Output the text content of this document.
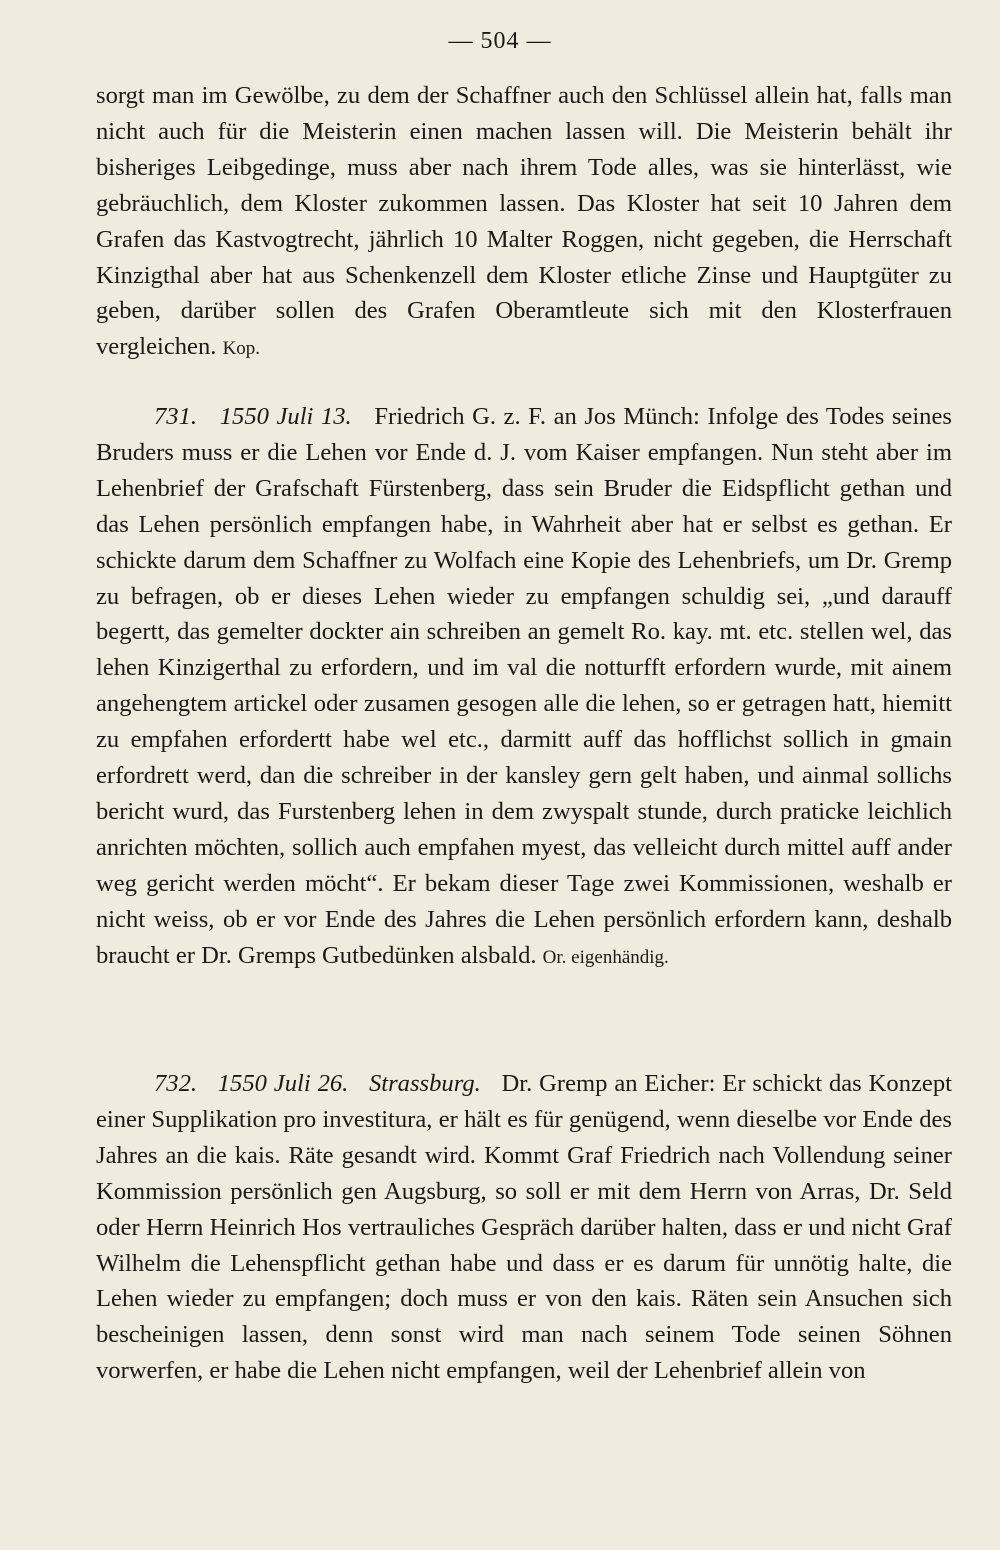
— 504 —

sorgt man im Gewölbe, zu dem der Schaffner auch den Schlüssel allein hat, falls man nicht auch für die Meisterin einen machen lassen will. Die Meisterin behält ihr bisheriges Leibgedinge, muss aber nach ihrem Tode alles, was sie hinterlässt, wie gebräuchlich, dem Kloster zukommen lassen. Das Kloster hat seit 10 Jahren dem Grafen das Kastvogtrecht, jährlich 10 Malter Roggen, nicht gegeben, die Herrschaft Kinzigthal aber hat aus Schenkenzell dem Kloster etliche Zinse und Hauptgüter zu geben, darüber sollen des Grafen Oberamtleute sich mit den Klosterfrauen vergleichen. Kop.

731. 1550 Juli 13. Friedrich G. z. F. an Jos Münch: Infolge des Todes seines Bruders muss er die Lehen vor Ende d. J. vom Kaiser empfangen. Nun steht aber im Lehenbrief der Grafschaft Fürstenberg, dass sein Bruder die Eidspflicht gethan und das Lehen persönlich empfangen habe, in Wahrheit aber hat er selbst es gethan. Er schickte darum dem Schaffner zu Wolfach eine Kopie des Lehenbriefs, um Dr. Gremp zu befragen, ob er dieses Lehen wieder zu empfangen schuldig sei, „und darauff begertt, das gemelter dockter ain schreiben an gemelt Ro. kay. mt. etc. stellen wel, das lehen Kinzigerthal zu erfordern, und im val die notturfft erfordern wurde, mit ainem angehengtem artickel oder zusamen gesogen alle die lehen, so er getragen hatt, hiemitt zu empfahen erfordertt habe wel etc., darmitt auff das hofflichst sollich in gmain erfordrett werd, dan die schreiber in der kansley gern gelt haben, und ainmal sollichs bericht wurd, das Furstenberg lehen in dem zwyspalt stunde, durch praticke leichlich anrichten möchten, sollich auch empfahen myest, das velleicht durch mittel auff ander weg gericht werden möcht“. Er bekam dieser Tage zwei Kommissionen, weshalb er nicht weiss, ob er vor Ende des Jahres die Lehen persönlich erfordern kann, deshalb braucht er Dr. Gremps Gutbedünken alsbald. Or. eigenhändig.

732. 1550 Juli 26. Strassburg. Dr. Gremp an Eicher: Er schickt das Konzept einer Supplikation pro investitura, er hält es für genügend, wenn dieselbe vor Ende des Jahres an die kais. Räte gesandt wird. Kommt Graf Friedrich nach Vollendung seiner Kommission persönlich gen Augsburg, so soll er mit dem Herrn von Arras, Dr. Seld oder Herrn Heinrich Hos vertrauliches Gespräch darüber halten, dass er und nicht Graf Wilhelm die Lehenspflicht gethan habe und dass er es darum für unnötig halte, die Lehen wieder zu empfangen; doch muss er von den kais. Räten sein Ansuchen sich bescheinigen lassen, denn sonst wird man nach seinem Tode seinen Söhnen vorwerfen, er habe die Lehen nicht empfangen, weil der Lehenbrief allein von
